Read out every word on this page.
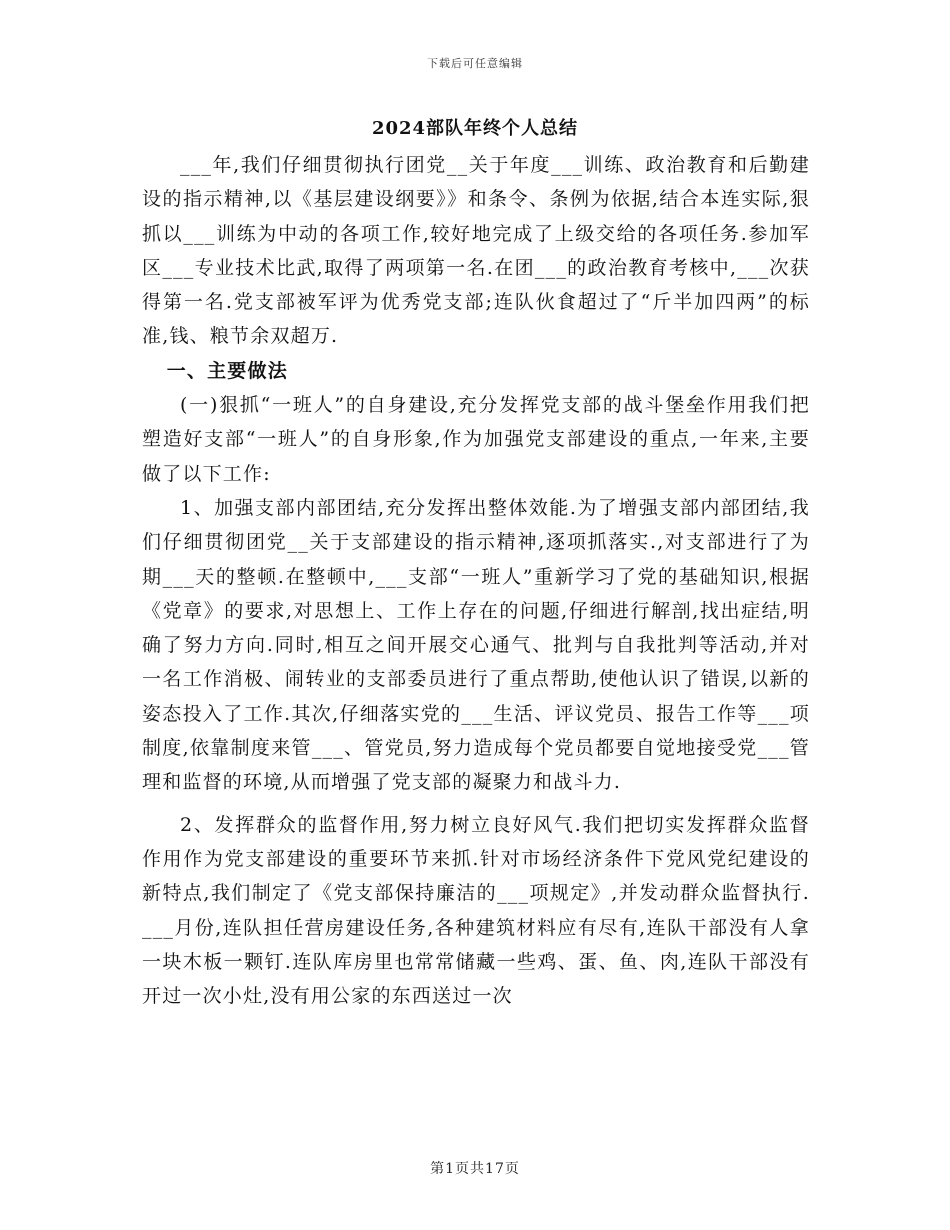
下载后可任意编辑
2024部队年终个人总结

___年,我们仔细贯彻执行团党__关于年度___训练、政治教育和后勤建设的指示精神,以《基层建设纲要》》和条令、条例为依据,结合本连实际,狠抓以___训练为中动的各项工作,较好地完成了上级交给的各项任务.参加军区___专业技术比武,取得了两项第一名.在团___的政治教育考核中,___次获得第一名.党支部被军评为优秀党支部;连队伙食超过了“斤半加四两”的标准,钱、粮节余双超万.

一、主要做法

(一)狠抓“一班人”的自身建设,充分发挥党支部的战斗堡垒作用我们把塑造好支部“一班人”的自身形象,作为加强党支部建设的重点,一年来,主要做了以下工作:

1、加强支部内部团结,充分发挥出整体效能.为了增强支部内部团结,我们仔细贯彻团党__关于支部建设的指示精神,逐项抓落实.,对支部进行了为期___天的整顿.在整顿中,___支部“一班人”重新学习了党的基础知识,根据《党章》的要求,对思想上、工作上存在的问题,仔细进行解剖,找出症结,明确了努力方向.同时,相互之间开展交心通气、批判与自我批判等活动,并对一名工作消极、闹转业的支部委员进行了重点帮助,使他认识了错误,以新的姿态投入了工作.其次,仔细落实党的___生活、评议党员、报告工作等___项制度,依靠制度来管___、管党员,努力造成每个党员都要自觉地接受党___管理和监督的环境,从而增强了党支部的凝聚力和战斗力.

2、发挥群众的监督作用,努力树立良好风气.我们把切实发挥群众监督作用作为党支部建设的重要环节来抓.针对市场经济条件下党风党纪建设的新特点,我们制定了《党支部保持廉洁的___项规定》,并发动群众监督执行.___月份,连队担任营房建设任务,各种建筑材料应有尽有,连队干部没有人拿一块木板一颗钉.连队库房里也常常储藏一些鸡、蛋、鱼、肉,连队干部没有开过一次小灶,没有用公家的东西送过一次

第1页共17页
